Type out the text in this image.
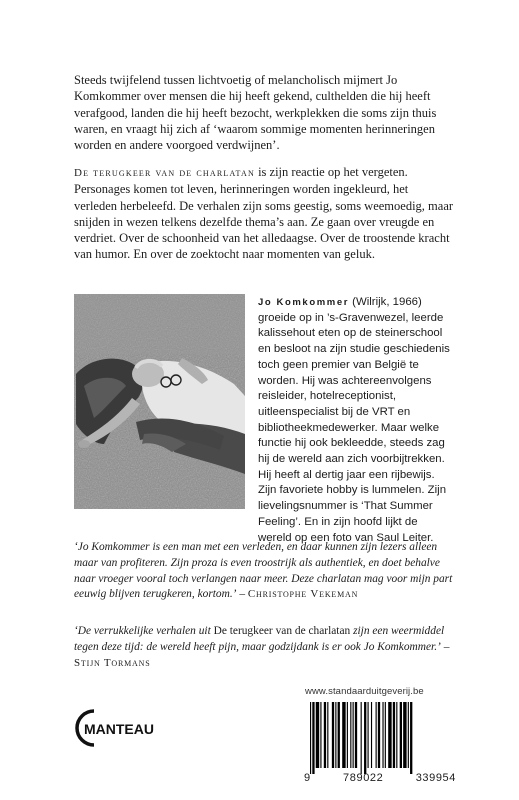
Steeds twijfelend tussen lichtvoetig of melancholisch mijmert Jo Komkommer over mensen die hij heeft gekend, culthelden die hij heeft verafgood, landen die hij heeft bezocht, werkplekken die soms zijn thuis waren, en vraagt hij zich af ‘waarom sommige momenten herinneringen worden en andere voorgoed verdwijnen’.
De terugkeer van de charlatan is zijn reactie op het vergeten. Personages komen tot leven, herinneringen worden ingekleurd, het verleden herbeleefd. De verhalen zijn soms geestig, soms weemoedig, maar snijden in wezen telkens dezelfde thema’s aan. Ze gaan over vreugde en verdriet. Over de schoonheid van het alledaagse. Over de troostende kracht van humor. En over de zoektocht naar momenten van geluk.
Jo Komkommer (Wilrijk, 1966) groeide op in ’s-Gravenwezel, leerde kalissehout eten op de steinerschool en besloot na zijn studie geschiedenis toch geen premier van België te worden. Hij was achtereenvolgens reisleider, hotelreceptionist, uitleenspecialist bij de VRT en bibliotheekmedewerker. Maar welke functie hij ook bekleedde, steeds zag hij de wereld aan zich voorbijtrekken. Hij heeft al dertig jaar een rijbewijs. Zijn favoriete hobby is lummelen. Zijn lievelingsnummer is ‘That Summer Feeling’. En in zijn hoofd lijkt de wereld op een foto van Saul Leiter.
‘Jo Komkommer is een man met een verleden, en daar kunnen zijn lezers alleen maar van profiteren. Zijn proza is even troostrijk als authentiek, en doet behalve naar vroeger vooral toch verlangen naar meer. Deze charlatan mag voor mijn part eeuwig blijven terugkeren, kortom.’ – Christophe Vekeman
‘De verrukkelijke verhalen uit De terugkeer van de charlatan zijn een weermiddel tegen deze tijd: de wereld heeft pijn, maar godzijdank is er ook Jo Komkommer.’ – Stijn Tormans
www.standaarduitgeverij.be
MANTEAU
9	789022	339954
